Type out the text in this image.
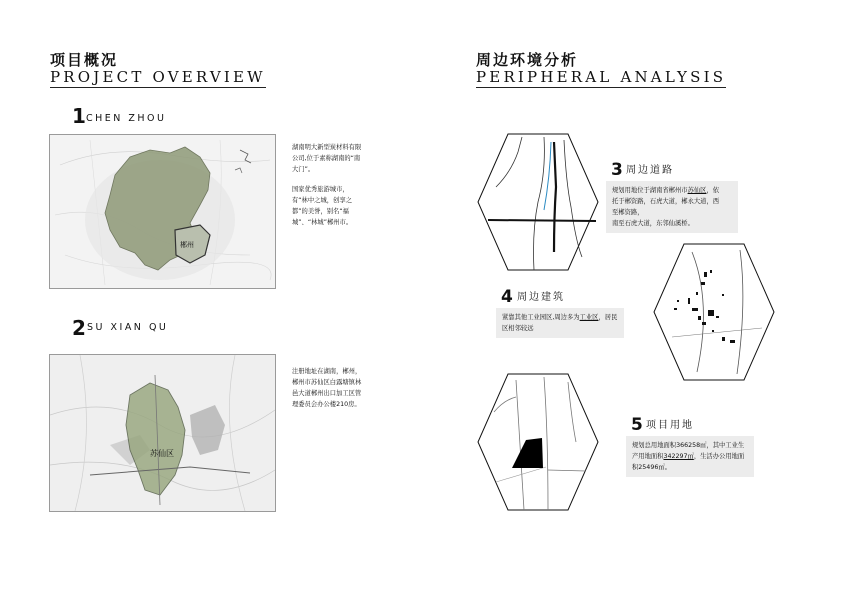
项目概况
PROJECT OVERVIEW
1 CHEN ZHOU
郴州

湖南明大新型炭材料有限公司,位于素称湖南的“南大门”。

国家优秀旅游城市，有“林中之城，创享之都”的美誉，别名“福城”、“林城”郴州市。

2 SU XIAN QU
苏仙区

注册地址在湖南，郴州，郴州市苏仙区白露塘镇林邑大道郴州出口加工区管理委员会办公楼210房。

周边环境分析
PERIPHERAL ANALYSIS
3 周边道路

规划用地位于湖南省郴州市苏仙区，依

托于郴资路，石虎大道，郴永大道，西

至郴资路，

南至石虎大道，东邻仙溪桥。

4 周边建筑

紧靠其他工业园区,周边多为工业区，居民

区相邻较远

5 项目用地

规划总用地面积366258㎡，其中工业生

产用地面积342297㎡，生活办公用地面

积25496㎡。
